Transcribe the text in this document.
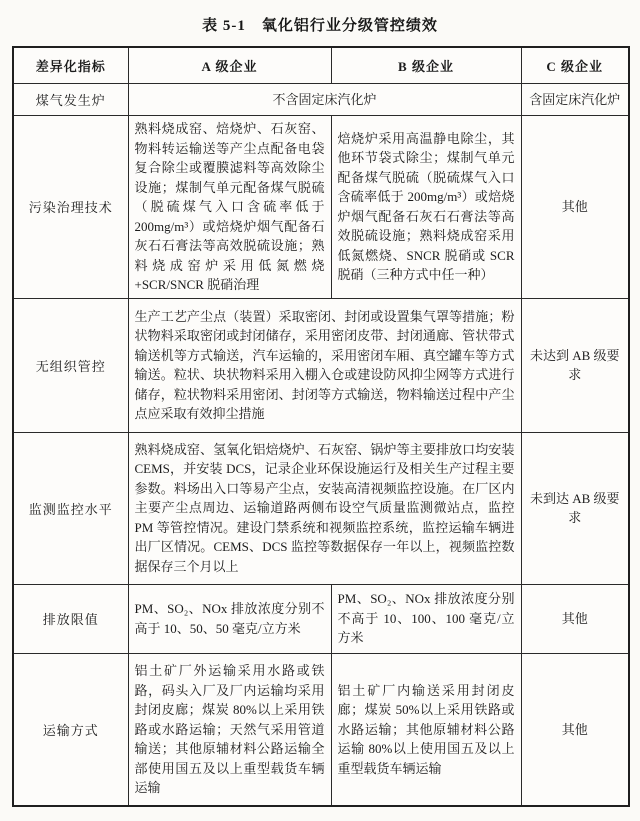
表 5-1　氧化铝行业分级管控绩效
差异化指标	A 级企业	B 级企业	C 级企业
煤气发生炉	不含固定床汽化炉		含固定床汽化炉
污染治理技术	熟料烧成窑、焙烧炉、石灰窑、物料转运输送等产尘点配备电袋复合除尘或覆膜滤料等高效除尘设施；煤制气单元配备煤气脱硫（脱硫煤气入口含硫率低于200mg/m³）或焙烧炉烟气配备石灰石石膏法等高效脱硫设施；熟料烧成窑炉采用低氮燃烧+SCR/SNCR 脱硝治理	焙烧炉采用高温静电除尘，其他环节袋式除尘；煤制气单元配备煤气脱硫（脱硫煤气入口含硫率低于 200mg/m³）或焙烧炉烟气配备石灰石石膏法等高效脱硫设施；熟料烧成窑采用低氮燃烧、SNCR 脱硝或 SCR 脱硝（三种方式中任一种）	其他
无组织管控	生产工艺产尘点（装置）采取密闭、封闭或设置集气罩等措施；粉状物料采取密闭或封闭储存，采用密闭皮带、封闭通廊、管状带式输送机等方式输送，汽车运输的，采用密闭车厢、真空罐车等方式输送。粒状、块状物料采用入棚入仓或建设防风抑尘网等方式进行储存，粒状物料采用密闭、封闭等方式输送，物料输送过程中产尘点应采取有效抑尘措施		未达到 AB 级要求
监测监控水平	熟料烧成窑、氢氧化铝焙烧炉、石灰窑、锅炉等主要排放口均安装 CEMS，并安装 DCS，记录企业环保设施运行及相关生产过程主要参数。料场出入口等易产尘点，安装高清视频监控设施。在厂区内主要产尘点周边、运输道路两侧布设空气质量监测微站点，监控 PM 等管控情况。建设门禁系统和视频监控系统，监控运输车辆进出厂区情况。CEMS、DCS 监控等数据保存一年以上，视频监控数据保存三个月以上		未到达 AB 级要求
排放限值	PM、SO₂、NOx 排放浓度分别不高于 10、50、50 毫克/立方米	PM、SO₂、NOx 排放浓度分别不高于 10、100、100 毫克/立方米	其他
运输方式	铝土矿厂外运输采用水路或铁路，码头入厂及厂内运输均采用封闭皮廊；煤炭 80%以上采用铁路或水路运输；天然气采用管道输送；其他原辅材料公路运输全部使用国五及以上重型载货车辆运输	铝土矿厂内输送采用封闭皮廊；煤炭 50%以上采用铁路或水路运输；其他原辅材料公路运输 80%以上使用国五及以上重型载货车辆运输	其他
